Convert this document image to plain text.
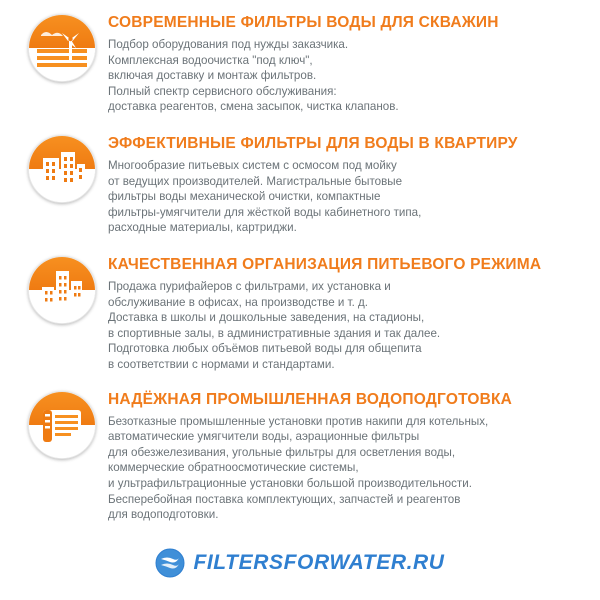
СОВРЕМЕННЫЕ ФИЛЬТРЫ ВОДЫ ДЛЯ СКВАЖИН
Подбор оборудования под нужды заказчика.
Комплексная водоочистка "под ключ",
включая доставку и монтаж фильтров.
Полный спектр сервисного обслуживания:
доставка реагентов, смена засыпок, чистка клапанов.
ЭФФЕКТИВНЫЕ ФИЛЬТРЫ ДЛЯ ВОДЫ В КВАРТИРУ
Многообразие питьевых систем с осмосом под мойку
от ведущих производителей. Магистральные бытовые
фильтры воды механической очистки, компактные
фильтры-умягчители для жёсткой воды кабинетного типа,
расходные материалы, картриджи.
КАЧЕСТВЕННАЯ ОРГАНИЗАЦИЯ ПИТЬЕВОГО РЕЖИМА
Продажа пурифайеров с фильтрами, их установка и
обслуживание в офисах, на производстве и т. д.
Доставка в школы и дошкольные заведения, на стадионы,
в спортивные залы, в административные здания и так далее.
Подготовка любых объёмов питьевой воды для общепита
в соответствии с нормами и стандартами.
НАДЁЖНАЯ ПРОМЫШЛЕННАЯ ВОДОПОДГОТОВКА
Безотказные промышленные установки против накипи для котельных,
автоматические умягчители воды, аэрационные фильтры
для обезжелезивания, угольные фильтры для осветления воды,
коммерческие обратноосмотические системы,
и ультрафильтрационные установки большой производительности.
Бесперебойная поставка комплектующих, запчастей и реагентов
для водоподготовки.
FILTERSFORWATER.RU
